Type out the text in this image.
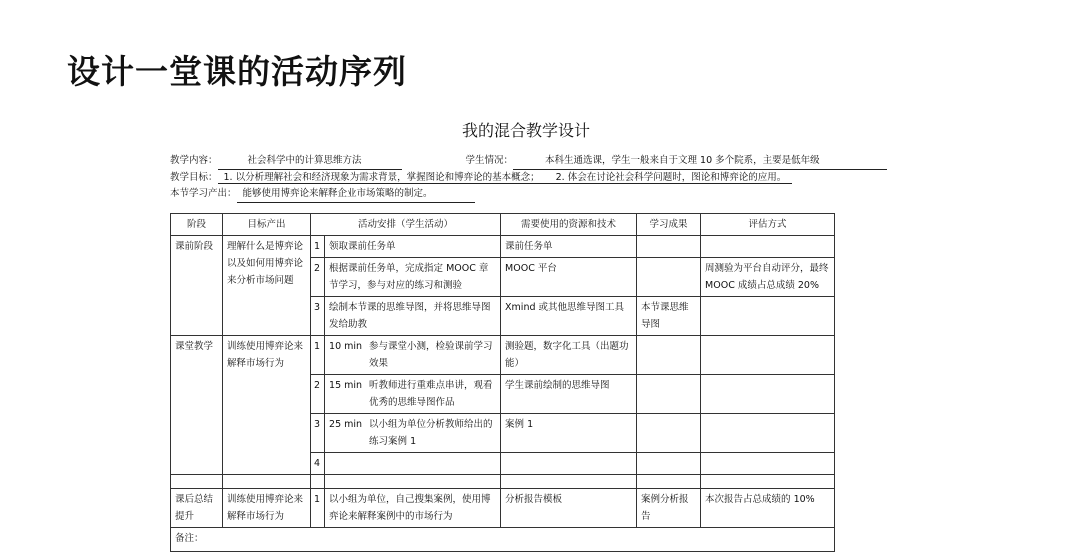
设计一堂课的活动序列
我的混合教学设计
教学内容：	社会科学中的计算思维方法	学生情况：	本科生通选课，学生一般来自于文理 10 多个院系，主要是低年级
教学目标： 1. 以分析理解社会和经济现象为需求背景，掌握图论和博弈论的基本概念； 2. 体会在讨论社会科学问题时，图论和博弈论的应用。
本节学习产出： 能够使用博弈论来解释企业市场策略的制定。
阶段	目标产出	活动安排（学生活动）		需要使用的资源和技术	学习成果	评估方式
课前阶段	理解什么是博弈论以及如何用博弈论来分析市场问题	1	领取课前任务单	课前任务单		
		2	根据课前任务单，完成指定 MOOC 章节学习，参与对应的练习和测验	MOOC 平台		周测验为平台自动评分，最终 MOOC 成绩占总成绩 20%
		3	绘制本节课的思维导图，并将思维导图发给助教	Xmind 或其他思维导图工具	本节课思维导图	
课堂教学	训练使用博弈论来解释市场行为	1	10 min 参与课堂小测，检验课前学习效果	测验题，数字化工具（出题功能）		
		2	15 min 听教师进行重难点串讲，观看优秀的思维导图作品	学生课前绘制的思维导图		
		3	25 min 以小组为单位分析教师给出的练习案例 1	案例 1		
		4				

课后总结提升	训练使用博弈论来解释市场行为	1	以小组为单位，自己搜集案例，使用博弈论来解释案例中的市场行为	分析报告模板	案例分析报告	本次报告占总成绩的 10%
备注：						
